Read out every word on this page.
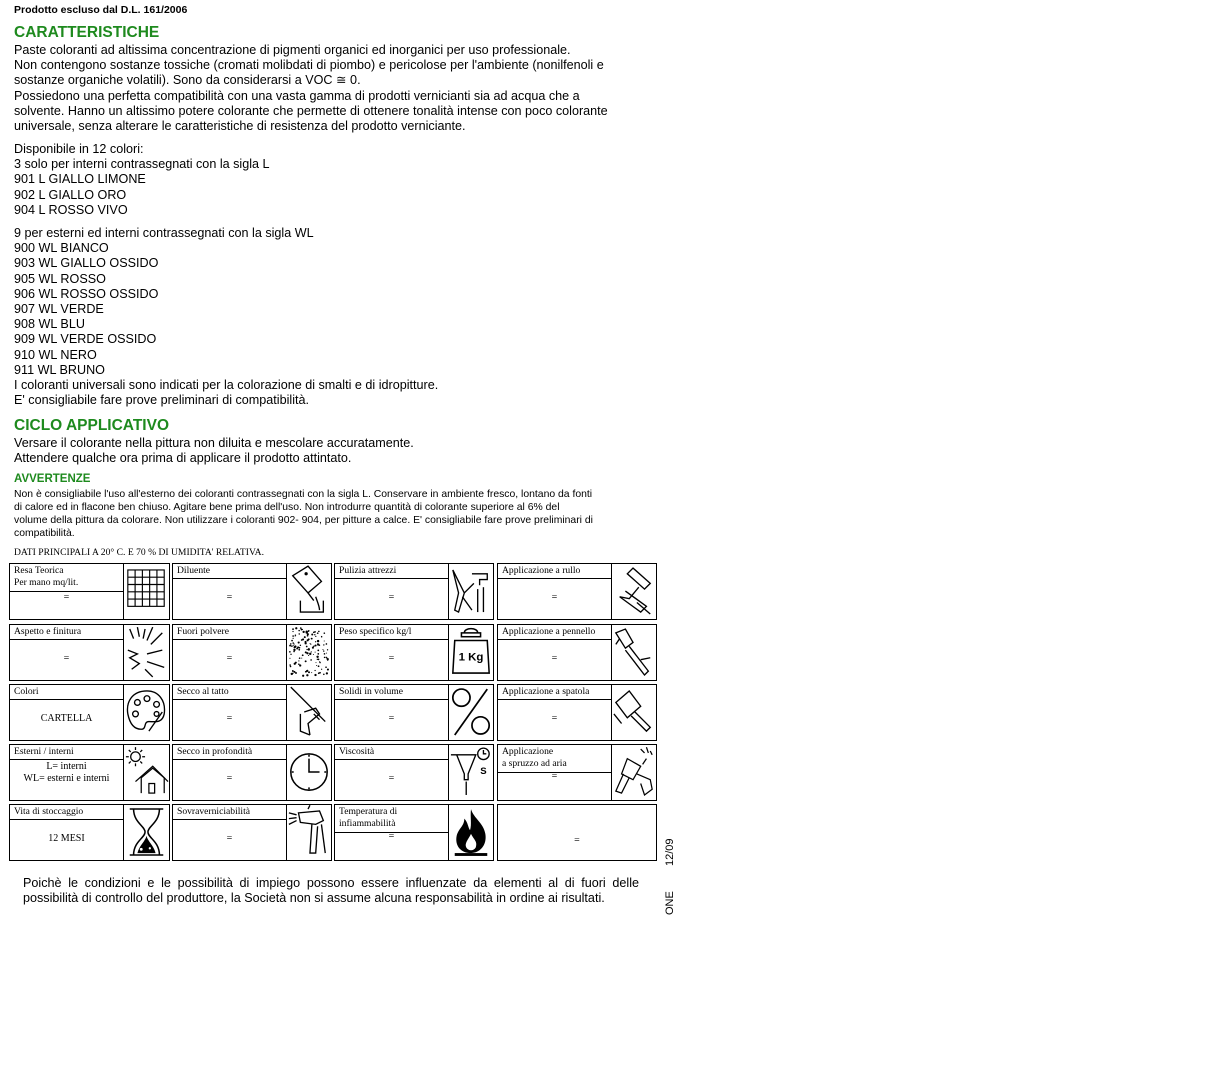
Prodotto escluso dal D.L. 161/2006
CARATTERISTICHE
Paste coloranti ad altissima concentrazione di pigmenti organici ed inorganici per uso professionale.
Non contengono sostanze tossiche (cromati molibdati di piombo) e pericolose per l'ambiente (nonilfenoli e
sostanze organiche volatili). Sono da considerarsi a VOC ≅ 0.
Possiedono una perfetta compatibilità con una vasta gamma di prodotti vernicianti sia ad acqua che a
solvente. Hanno un altissimo potere colorante che permette di ottenere tonalità intense con poco colorante
universale, senza alterare le caratteristiche di resistenza del prodotto verniciante.
Disponibile in 12 colori:
3 solo per interni contrassegnati con la sigla L
901 L GIALLO LIMONE
902 L GIALLO ORO
904 L ROSSO VIVO
9 per esterni ed interni contrassegnati con la sigla WL
900 WL BIANCO
903 WL GIALLO OSSIDO
905 WL ROSSO
906 WL ROSSO OSSIDO
907 WL VERDE
908 WL BLU
909 WL VERDE OSSIDO
910 WL NERO
911 WL BRUNO
I coloranti universali sono indicati per la colorazione di smalti e di idropitture.
E' consigliabile fare prove preliminari di compatibilità.
CICLO APPLICATIVO
Versare il colorante nella pittura non diluita e mescolare accuratamente.
Attendere qualche ora prima di applicare il prodotto attintato.
AVVERTENZE
Non è consigliabile l'uso all'esterno dei coloranti contrassegnati con la sigla L. Conservare in ambiente fresco, lontano da fonti
di calore ed in flacone ben chiuso. Agitare bene prima dell'uso. Non introdurre quantità di colorante superiore al 6% del
volume della pittura da colorare. Non utilizzare i coloranti 902- 904, per pitture a calce. E' consigliabile fare prove preliminari di
compatibilità.
DATI PRINCIPALI A 20° C. E 70 % DI UMIDITA' RELATIVA.
Resa Teorica
Per mano mq/lit.
=
Diluente
=
Pulizia attrezzi
=
Applicazione a rullo
=
Aspetto e finitura
=
Fuori polvere
=
Peso specifico kg/l
=	1 Kg
Applicazione a pennello
=
Colori
CARTELLA
Secco al tatto
=
Solidi in volume
=
Applicazione a spatola
=
Esterni / interni
L= interni
WL= esterni e interni
Secco in profondità
=
Viscosità
=
S
Applicazione
a spruzzo ad aria
=
Vita di stoccaggio
12 MESI
Sovraverniciabilità
=
Temperatura di
infiammabilità
=	=
Poichè le condizioni e le possibilità di impiego possono essere influenzate da elementi al di fuori delle possibilità di controllo del produttore, la Società non si assume alcuna responsabilità in ordine ai risultati.
12/09
ONE
